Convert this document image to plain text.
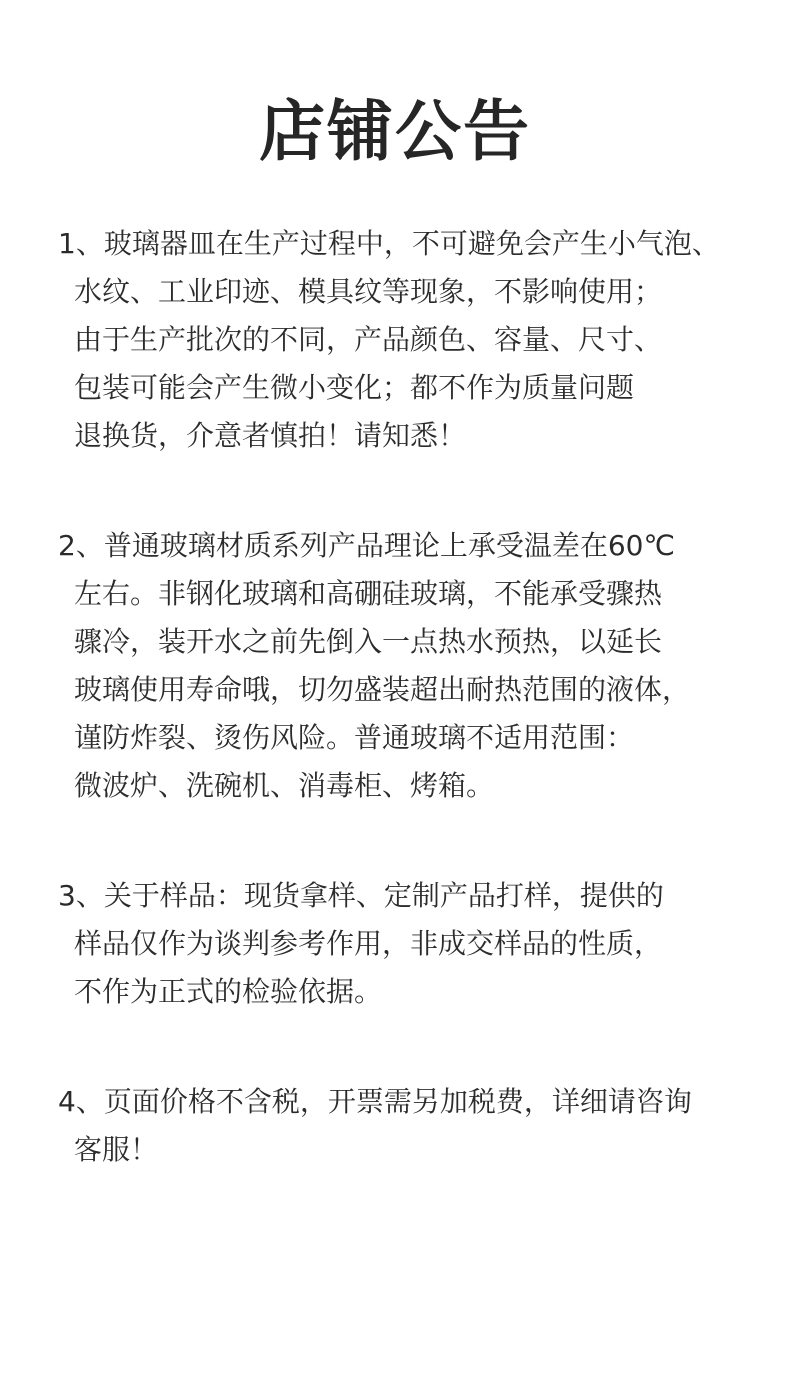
店铺公告
1、玻璃器皿在生产过程中，不可避免会产生小气泡、
水纹、工业印迹、模具纹等现象，不影响使用；
由于生产批次的不同，产品颜色、容量、尺寸、
包装可能会产生微小变化；都不作为质量问题
退换货，介意者慎拍！请知悉！
2、普通玻璃材质系列产品理论上承受温差在60℃
左右。非钢化玻璃和高硼硅玻璃，不能承受骤热
骤冷，装开水之前先倒入一点热水预热，以延长
玻璃使用寿命哦，切勿盛装超出耐热范围的液体，
谨防炸裂、烫伤风险。普通玻璃不适用范围：
微波炉、洗碗机、消毒柜、烤箱。
3、关于样品：现货拿样、定制产品打样，提供的
样品仅作为谈判参考作用，非成交样品的性质，
不作为正式的检验依据。
4、页面价格不含税，开票需另加税费，详细请咨询
客服！
